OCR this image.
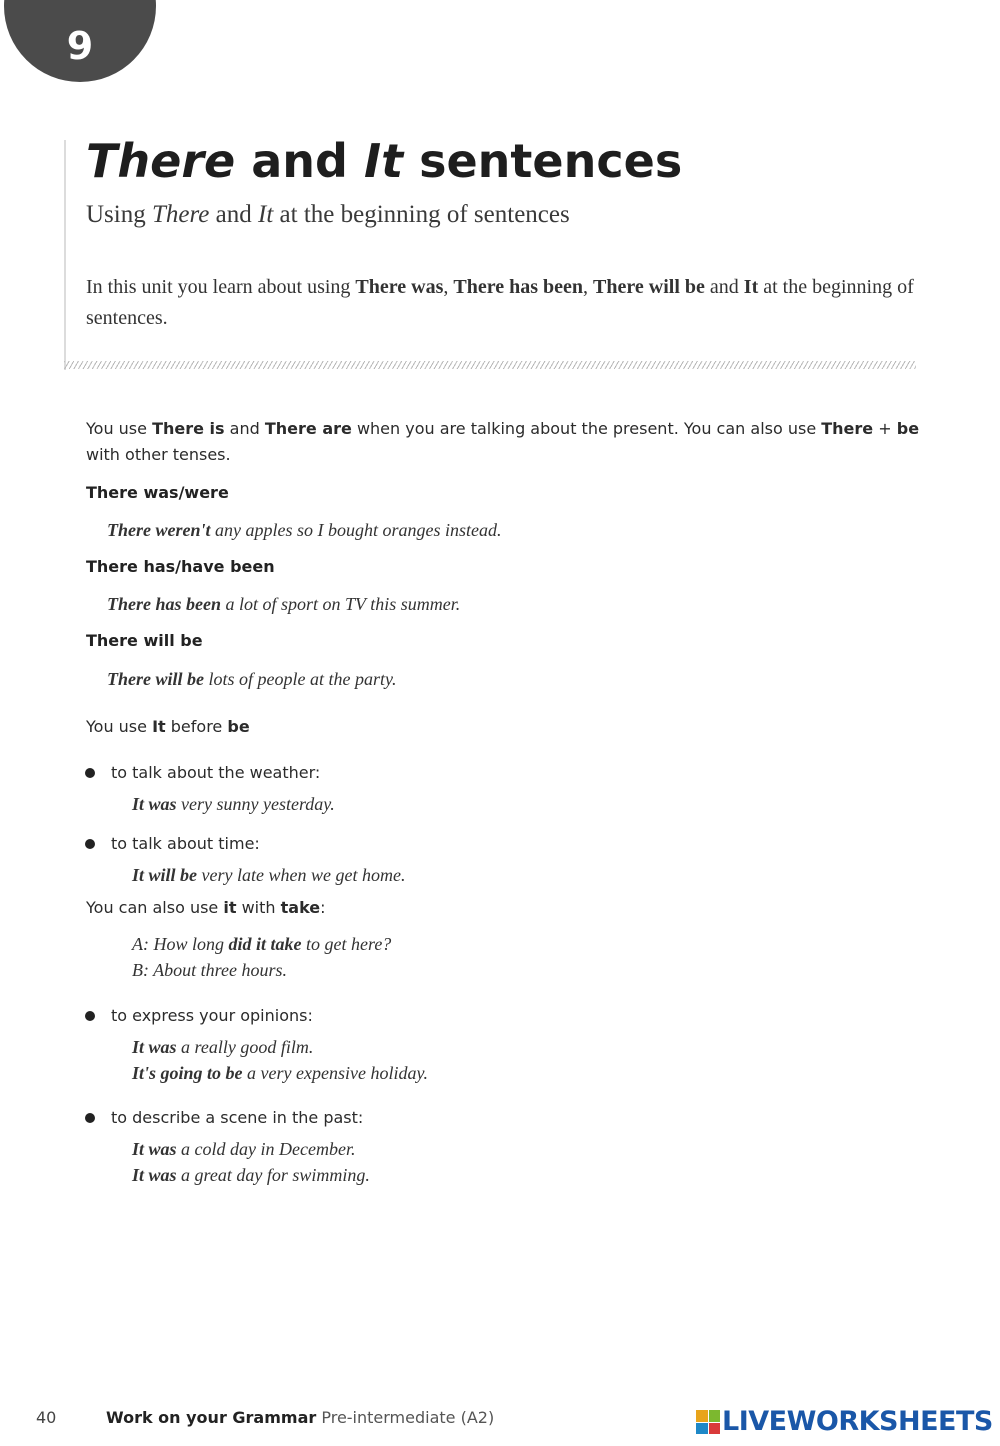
9
There and It sentences

Using There and It at the beginning of sentences

In this unit you learn about using There was, There has been, There will be and It at the beginning of sentences.

You use There is and There are when you are talking about the present. You can also use There + be with other tenses.

There was/were

There weren't any apples so I bought oranges instead.

There has/have been

There has been a lot of sport on TV this summer.

There will be

There will be lots of people at the party.

You use It before be

to talk about the weather:

It was very sunny yesterday.

to talk about time:

It will be very late when we get home.

You can also use it with take:

A: How long did it take to get here?

B: About three hours.

to express your opinions:

It was a really good film.

It's going to be a very expensive holiday.

to describe a scene in the past:

It was a cold day in December.

It was a great day for swimming.

40	Work on your Grammar Pre-intermediate (A2)	LIVEWORKSHEETS
